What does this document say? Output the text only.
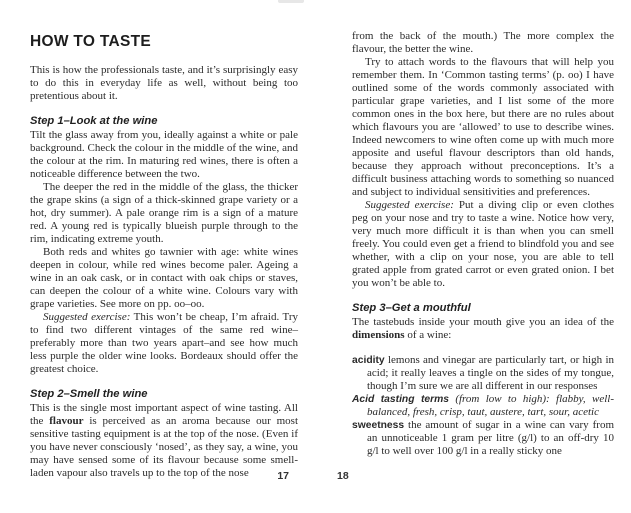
HOW TO TASTE

This is how the professionals taste, and it’s surprisingly easy to do this in everyday life as well, without being too pretentious about it.

Step 1–Look at the wine

Tilt the glass away from you, ideally against a white or pale background. Check the colour in the middle of the wine, and the colour at the rim. In maturing red wines, there is often a noticeable difference between the two.

The deeper the red in the middle of the glass, the thicker the grape skins (a sign of a thick-skinned grape variety or a hot, dry summer). A pale orange rim is a sign of a mature red. A young red is typically blueish purple through to the rim, indicating extreme youth.

Both reds and whites go tawnier with age: white wines deepen in colour, while red wines become paler. Ageing a wine in an oak cask, or in contact with oak chips or staves, can deepen the colour of a white wine. Colours vary with grape varieties. See more on pp. oo–oo.

Suggested exercise: This won’t be cheap, I’m afraid. Try to find two different vintages of the same red wine–preferably more than two years apart–and see how much less purple the older wine looks. Bordeaux should offer the greatest choice.

Step 2–Smell the wine

This is the single most important aspect of wine tasting. All the flavour is perceived as an aroma because our most sensitive tasting equipment is at the top of the nose. (Even if you have never consciously ‘nosed’, as they say, a wine, you may have sensed some of its flavour because some smell-laden vapour also travels up to the top of the nose

from the back of the mouth.) The more complex the flavour, the better the wine.

Try to attach words to the flavours that will help you remember them. In ‘Common tasting terms’ (p. oo) I have outlined some of the words commonly associated with particular grape varieties, and I list some of the more common ones in the box here, but there are no rules about which flavours you are ‘allowed’ to use to describe wines. Indeed newcomers to wine often come up with much more apposite and useful flavour descriptors than old hands, because they approach without preconceptions. It’s a difficult business attaching words to something so nuanced and subject to individual sensitivities and preferences.

Suggested exercise: Put a diving clip or even clothes peg on your nose and try to taste a wine. Notice how very, very much more difficult it is than when you can smell freely. You could even get a friend to blindfold you and see whether, with a clip on your nose, you are able to tell grated apple from grated carrot or even grated onion. I bet you won’t be able to.

Step 3–Get a mouthful

The tastebuds inside your mouth give you an idea of the dimensions of a wine:

acidity lemons and vinegar are particularly tart, or high in acid; it really leaves a tingle on the sides of my tongue, though I’m sure we are all different in our responses

Acid tasting terms (from low to high): flabby, well-balanced, fresh, crisp, taut, austere, tart, sour, acetic

sweetness the amount of sugar in a wine can vary from an unnoticeable 1 gram per litre (g/l) to an off-dry 10 g/l to well over 100 g/l in a really sticky one

17	18
